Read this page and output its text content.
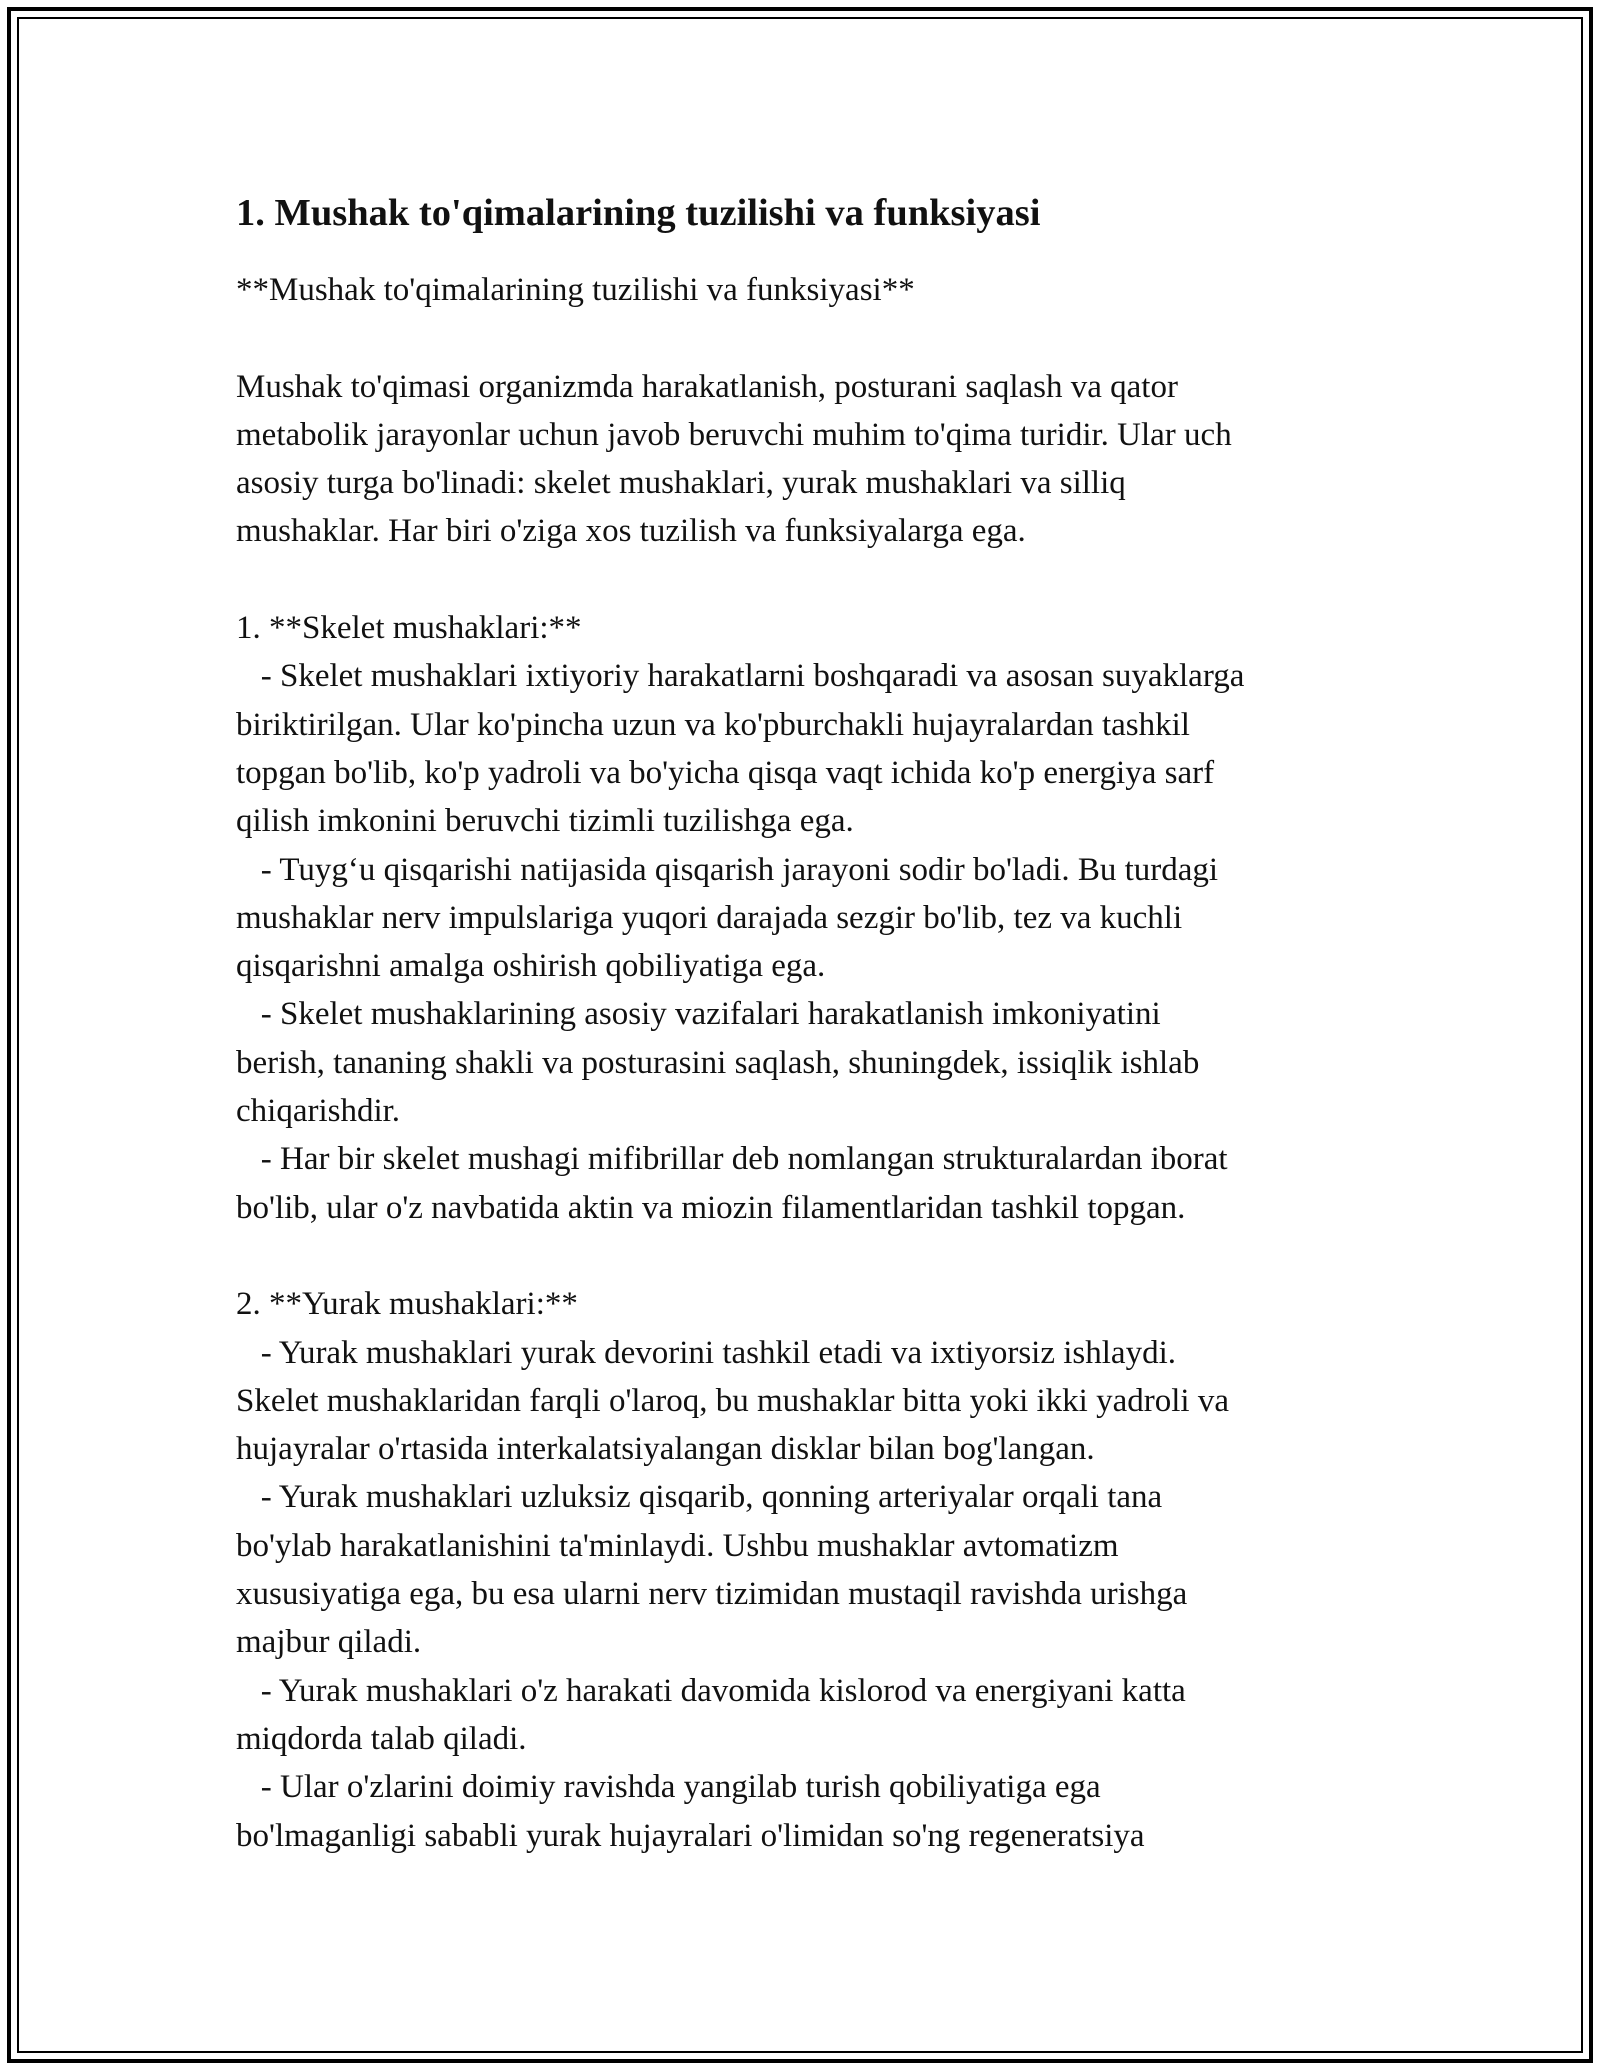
1. Mushak to'qimalarining tuzilishi va funksiyasi
**Mushak to'qimalarining tuzilishi va funksiyasi**
Mushak to'qimasi organizmda harakatlanish, posturani saqlash va qator
metabolik jarayonlar uchun javob beruvchi muhim to'qima turidir. Ular uch
asosiy turga bo'linadi: skelet mushaklari, yurak mushaklari va silliq
mushaklar. Har biri o'ziga xos tuzilish va funksiyalarga ega.
1. **Skelet mushaklari:**
- Skelet mushaklari ixtiyoriy harakatlarni boshqaradi va asosan suyaklarga
biriktirilgan. Ular ko'pincha uzun va ko'pburchakli hujayralardan tashkil
topgan bo'lib, ko'p yadroli va bo'yicha qisqa vaqt ichida ko'p energiya sarf
qilish imkonini beruvchi tizimli tuzilishga ega.
- Tuyg‘u qisqarishi natijasida qisqarish jarayoni sodir bo'ladi. Bu turdagi
mushaklar nerv impulslariga yuqori darajada sezgir bo'lib, tez va kuchli
qisqarishni amalga oshirish qobiliyatiga ega.
- Skelet mushaklarining asosiy vazifalari harakatlanish imkoniyatini
berish, tananing shakli va posturasini saqlash, shuningdek, issiqlik ishlab
chiqarishdir.
- Har bir skelet mushagi mifibrillar deb nomlangan strukturalardan iborat
bo'lib, ular o'z navbatida aktin va miozin filamentlaridan tashkil topgan.
2. **Yurak mushaklari:**
- Yurak mushaklari yurak devorini tashkil etadi va ixtiyorsiz ishlaydi.
Skelet mushaklaridan farqli o'laroq, bu mushaklar bitta yoki ikki yadroli va
hujayralar o'rtasida interkalatsiyalangan disklar bilan bog'langan.
- Yurak mushaklari uzluksiz qisqarib, qonning arteriyalar orqali tana
bo'ylab harakatlanishini ta'minlaydi. Ushbu mushaklar avtomatizm
xususiyatiga ega, bu esa ularni nerv tizimidan mustaqil ravishda urishga
majbur qiladi.
- Yurak mushaklari o'z harakati davomida kislorod va energiyani katta
miqdorda talab qiladi.
- Ular o'zlarini doimiy ravishda yangilab turish qobiliyatiga ega
bo'lmaganligi sababli yurak hujayralari o'limidan so'ng regeneratsiya
